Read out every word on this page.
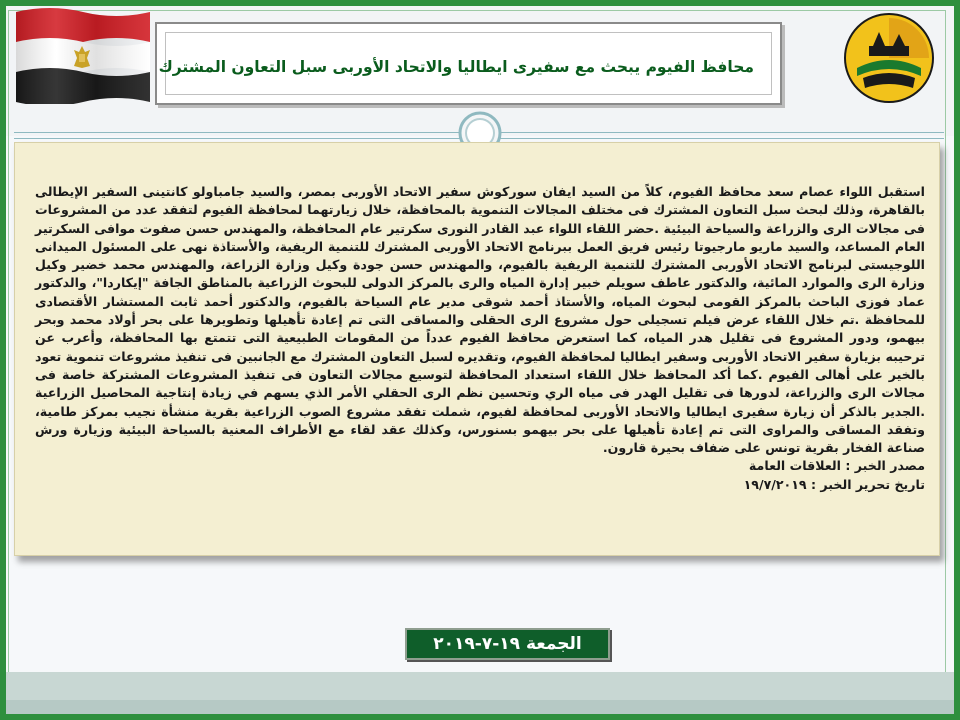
محافظ الفيوم يبحث مع سفيرى ايطاليا والاتحاد الأوربى سبل التعاون المشترك

استقبل اللواء عصام سعد محافظ الفيوم، كلاً من السيد ايفان سوركوش سفير الاتحاد الأوربى بمصر، والسيد جامباولو كانتينى السفير الإيطالى بالقاهرة، وذلك لبحث سبل التعاون المشترك فى مختلف المجالات التنموية بالمحافظة، خلال زيارتهما لمحافظة الفيوم لتفقد عدد من المشروعات فى مجالات الرى والزراعة والسياحة البيئية .حضر اللقاء اللواء عبد القادر النورى سكرتير عام المحافظة، والمهندس حسن صفوت موافى السكرتير العام المساعد، والسيد ماريو مارجيوتا رئيس فريق العمل ببرنامج الاتحاد الأوربى المشترك للتنمية الريفية، والأستاذة نهى على المسئول الميدانى اللوجيستى لبرنامج الاتحاد الأوربى المشترك للتنمية الريفية بالفيوم، والمهندس حسن جودة وكيل وزارة الزراعة، والمهندس محمد خضير وكيل وزارة الرى والموارد المائية، والدكتور عاطف سويلم خبير إدارة المياه والرى بالمركز الدولى للبحوث الزراعية بالمناطق الجافة "إيكاردا"، والدكتور عماد فوزى الباحث بالمركز القومى لبحوث المياه، والأستاذ أحمد شوقى مدير عام السياحة بالفيوم، والدكتور أحمد ثابت المستشار الأقتصادى للمحافظة .تم خلال اللقاء عرض فيلم تسجيلى حول مشروع الرى الحقلى والمساقى التى تم إعادة تأهيلها وتطويرها على بحر أولاد محمد وبحر بيهمو، ودور المشروع فى تقليل هدر المياه، كما استعرض محافظ الفيوم عدداً من المقومات الطبيعية التى تتمتع بها المحافظة، وأعرب عن ترحيبه بزيارة سفير الاتحاد الأوربى وسفير ايطاليا لمحافظة الفيوم، وتقديره لسبل التعاون المشترك مع الجانبين فى تنفيذ مشروعات تنموية تعود بالخير على أهالى الفيوم .كما أكد المحافظ خلال اللقاء استعداد المحافظة لتوسيع مجالات التعاون فى تنفيذ المشروعات المشتركة خاصة فى مجالات الرى والزراعة، لدورها فى تقليل الهدر فى مياه الري وتحسين نظم الرى الحقلي الأمر الذي يسهم في زيادة إنتاجية المحاصيل الزراعية .الجدير بالذكر أن زيارة سفيرى ايطاليا والاتحاد الأوربى لمحافظة لفيوم، شملت تفقد مشروع الصوب الزراعية بقرية منشأة نجيب بمركز طامية، وتفقد المساقى والمراوى التى تم إعادة تأهيلها على بحر بيهمو بسنورس، وكذلك عقد لقاء مع الأطراف المعنية بالسياحة البيئية وزيارة ورش صناعة الفخار بقرية تونس على ضفاف بحيرة قارون.

مصدر الخبر : العلاقات العامة

تاريخ تحرير الخبر : ١٩/٧/٢٠١٩

الجمعة ١٩-٧-٢٠١٩
